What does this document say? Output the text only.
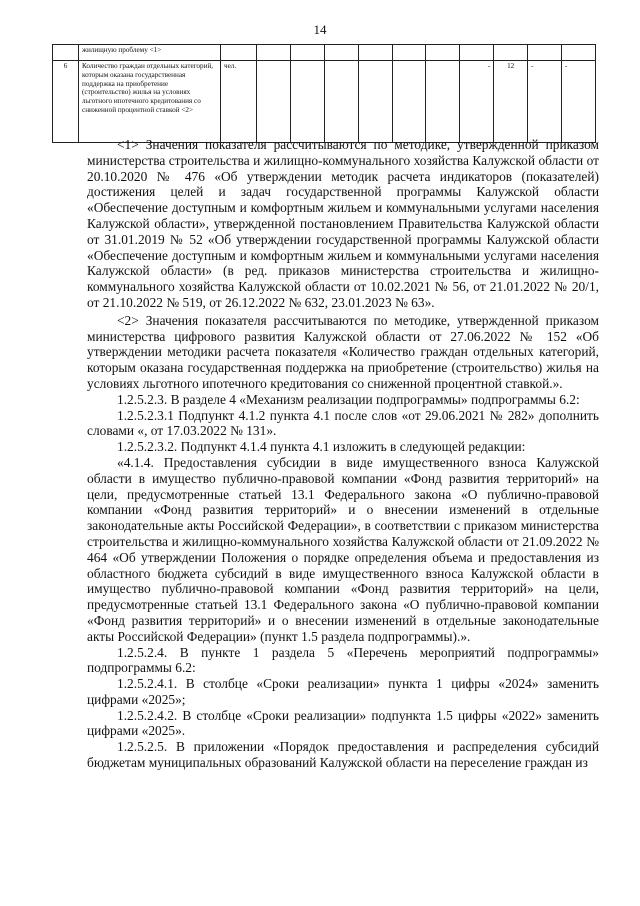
14
	жилищную проблему <1>											
6	Количество граждан отдельных категорий, которым оказана государственная поддержка на приобретение (строительство) жилья на условиях льготного ипотечного кредитования со сниженной процентной ставкой <2>	чел.							-	12	-	-

<1> Значения показателя рассчитываются по методике, утвержденной приказом министерства строительства и жилищно-коммунального хозяйства Калужской области от 20.10.2020 № 476 «Об утверждении методик расчета индикаторов (показателей) достижения целей и задач государственной программы Калужской области «Обеспечение доступным и комфортным жильем и коммунальными услугами населения Калужской области», утвержденной постановлением Правительства Калужской области от 31.01.2019 № 52 «Об утверждении государственной программы Калужской области «Обеспечение доступным и комфортным жильем и коммунальными услугами населения Калужской области» (в ред. приказов министерства строительства и жилищно-коммунального хозяйства Калужской области от 10.02.2021 № 56, от 21.01.2022 № 20/1, от 21.10.2022 № 519, от 26.12.2022 № 632, 23.01.2023 № 63».

<2> Значения показателя рассчитываются по методике, утвержденной приказом министерства цифрового развития Калужской области от 27.06.2022 № 152 «Об утверждении методики расчета показателя «Количество граждан отдельных категорий, которым оказана государственная поддержка на приобретение (строительство) жилья на условиях льготного ипотечного кредитования со сниженной процентной ставкой.».

1.2.5.2.3. В разделе 4 «Механизм реализации подпрограммы» подпрограммы 6.2:

1.2.5.2.3.1 Подпункт 4.1.2 пункта 4.1 после слов «от 29.06.2021 № 282» дополнить словами «, от 17.03.2022 № 131».

1.2.5.2.3.2. Подпункт 4.1.4 пункта 4.1 изложить в следующей редакции:

«4.1.4. Предоставления субсидии в виде имущественного взноса Калужской области в имущество публично-правовой компании «Фонд развития территорий» на цели, предусмотренные статьей 13.1 Федерального закона «О публично-правовой компании «Фонд развития территорий» и о внесении изменений в отдельные законодательные акты Российской Федерации», в соответствии с приказом министерства строительства и жилищно-коммунального хозяйства Калужской области от 21.09.2022 № 464 «Об утверждении Положения о порядке определения объема и предоставления из областного бюджета субсидий в виде имущественного взноса Калужской области в имущество публично-правовой компании «Фонд развития территорий» на цели, предусмотренные статьей 13.1 Федерального закона «О публично-правовой компании «Фонд развития территорий» и о внесении изменений в отдельные законодательные акты Российской Федерации» (пункт 1.5 раздела подпрограммы).».

1.2.5.2.4. В пункте 1 раздела 5 «Перечень мероприятий подпрограммы» подпрограммы 6.2:

1.2.5.2.4.1. В столбце «Сроки реализации» пункта 1 цифры «2024» заменить цифрами «2025»;

1.2.5.2.4.2. В столбце «Сроки реализации» подпункта 1.5 цифры «2022» заменить цифрами «2025».

1.2.5.2.5. В приложении «Порядок предоставления и распределения субсидий бюджетам муниципальных образований Калужской области на переселение граждан из
